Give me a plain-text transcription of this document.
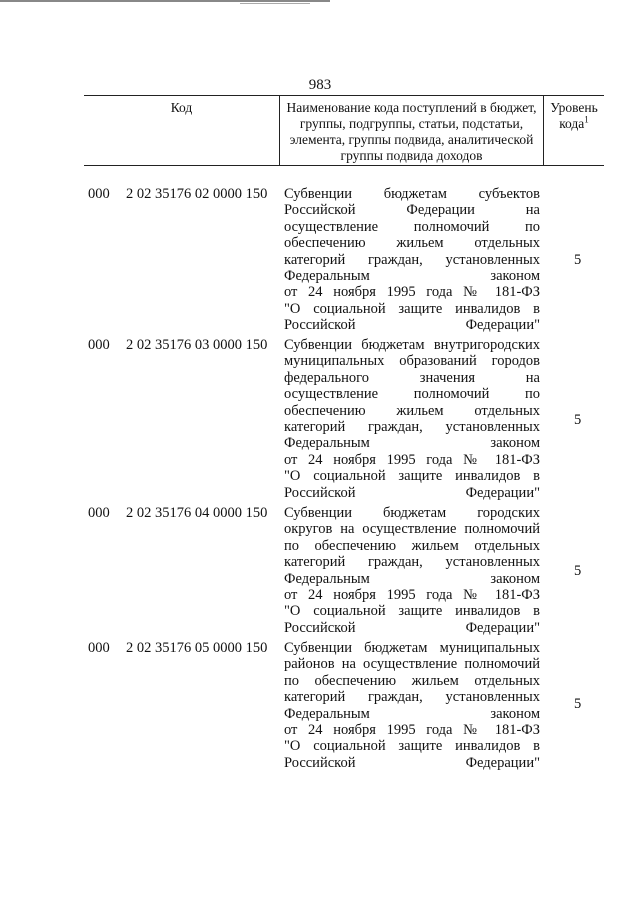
983
Код	Наименование кода поступлений в бюджет, группы, подгруппы, статьи, подстатьи, элемента, группы подвида, аналитической группы подвида доходов
Уровень кода$^1$
000 2 02 35176 02 0000 150 Субвенции бюджетам субъектов
Российской Федерации на
осуществление полномочий по
обеспечению жильем отдельных
категорий граждан, установленных
Федеральным законом
от 24 ноября 1995 года № 181-ФЗ
"О социальной защите инвалидов в
Российской Федерации"
5
000 2 02 35176 03 0000 150 Субвенции бюджетам внутригородских
муниципальных образований городов
федерального значения на
осуществление полномочий по
обеспечению жильем отдельных
категорий граждан, установленных
Федеральным законом
от 24 ноября 1995 года № 181-ФЗ
"О социальной защите инвалидов в
Российской Федерации"
5
000 2 02 35176 04 0000 150 Субвенции бюджетам городских
округов на осуществление полномочий
по обеспечению жильем отдельных
категорий граждан, установленных
Федеральным законом
от 24 ноября 1995 года № 181-ФЗ
"О социальной защите инвалидов в
Российской Федерации"
5
000 2 02 35176 05 0000 150 Субвенции бюджетам муниципальных
районов на осуществление полномочий
по обеспечению жильем отдельных
категорий граждан, установленных
Федеральным законом
от 24 ноября 1995 года № 181-ФЗ
"О социальной защите инвалидов в
Российской Федерации"
5
